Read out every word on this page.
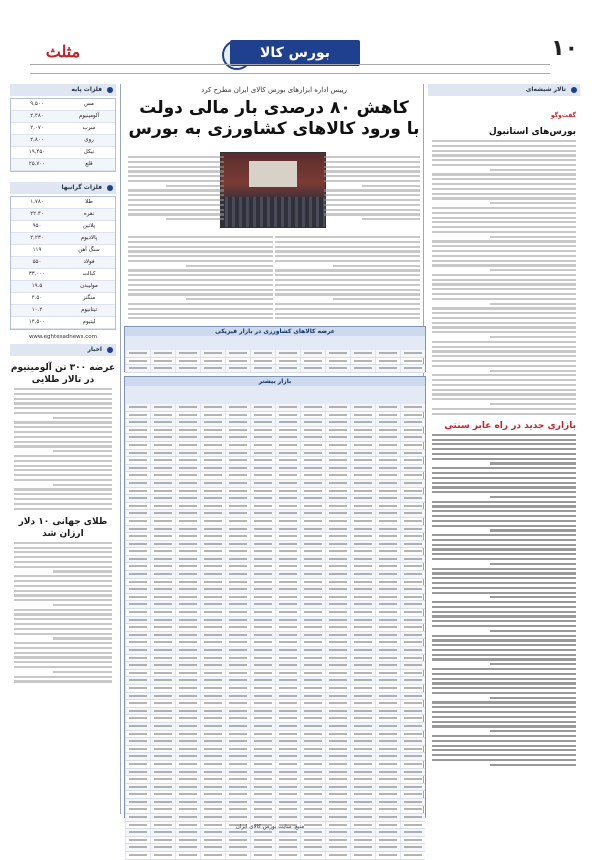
۱۰
بورس کالا
مثلث
تالار شیشه‌ای
گفت‌وگو
بورس‌های استانبول
بازاری جدید در راه عابر سنتی
رییس اداره ابزارهای بورس کالای ایران مطرح کرد
کاهش ۸۰ درصدی بار مالی دولت
با ورود کالاهای کشاورزی به بورس
عرضه کالاهای کشاورزی در بازار فیزیکی
بازار بیشتر
فلزات پایه
مس
۹,۵۰۰
آلومینیوم
۲,۴۸۰
سرب
۲,۰۷۰
روی
۲,۸۰۰
نیکل
۱۹,۴۵۰
قلع
۲۵,۷۰۰
فلزات گرانبها
طلا
۱,۷۸۰
نقره
۲۲.۴۰
پلاتین
۹۵۰
پالادیوم
۲,۲۳۰
سنگ آهن
۱۱۹
فولاد
۵۵۰
کبالت
۳۳,۰۰۰
مولیبدن
۱۹.۵
منگنز
۴.۵۰
تیتانیوم
۱۰.۲
لیتیوم
۱۴,۵۰۰
www.eghtesadnews.com
اخبار
عرضه ۳۰۰ تن آلومینیوم در تالار طلایی
طلای جهانی ۱۰ دلار ارزان شد
منبع: سایت بورس کالای ایران
